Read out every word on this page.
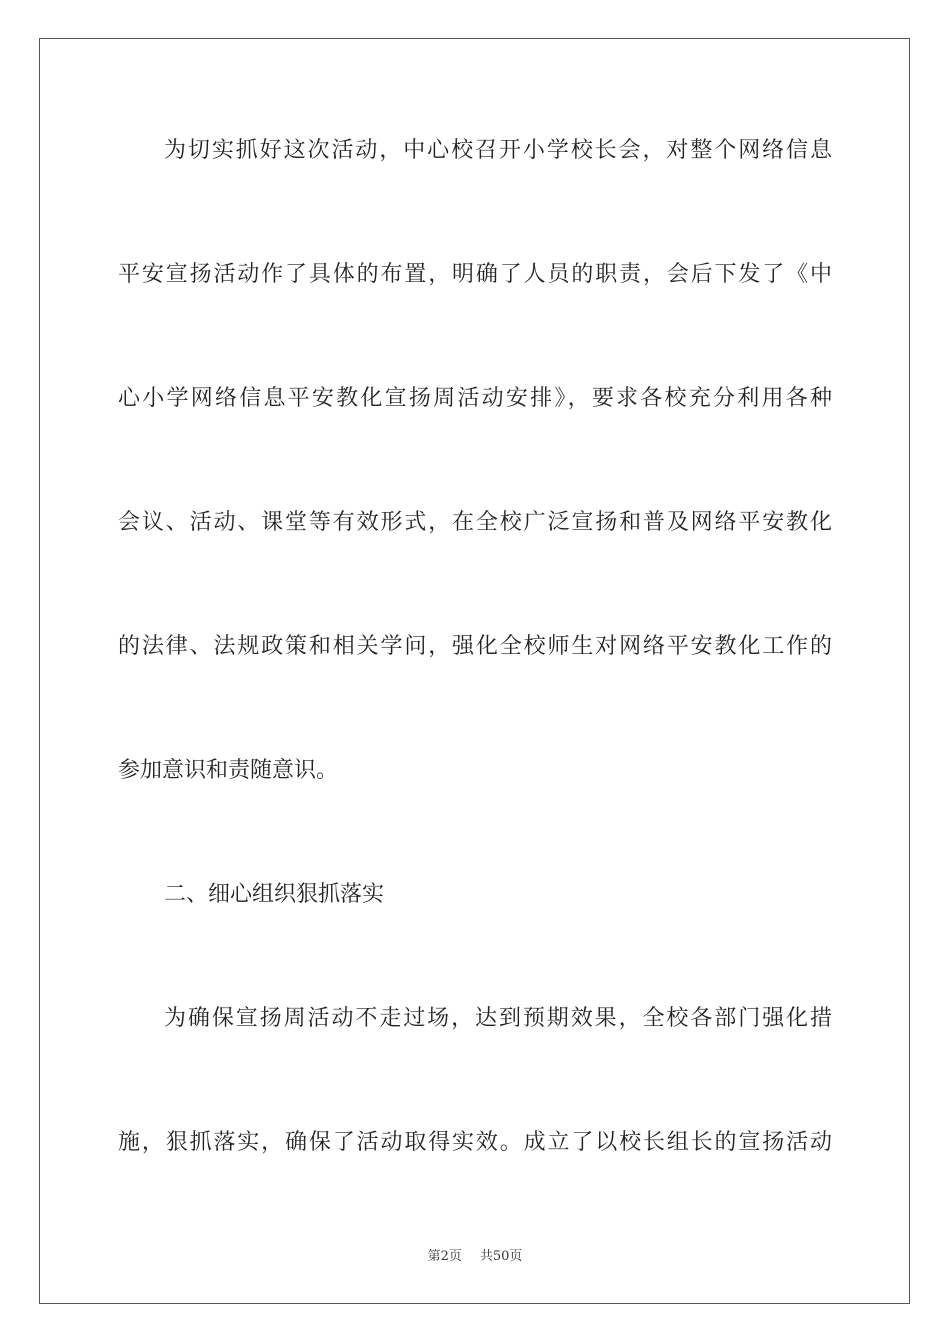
为切实抓好这次活动，中心校召开小学校长会，对整个网络信息
平安宣扬活动作了具体的布置，明确了人员的职责，会后下发了《中
心小学网络信息平安教化宣扬周活动安排》，要求各校充分利用各种
会议、活动、课堂等有效形式，在全校广泛宣扬和普及网络平安教化
的法律、法规政策和相关学问，强化全校师生对网络平安教化工作的
参加意识和责随意识。
二、细心组织狠抓落实
为确保宣扬周活动不走过场，达到预期效果，全校各部门强化措
施，狠抓落实，确保了活动取得实效。成立了以校长组长的宣扬活动
第2页 共50页
